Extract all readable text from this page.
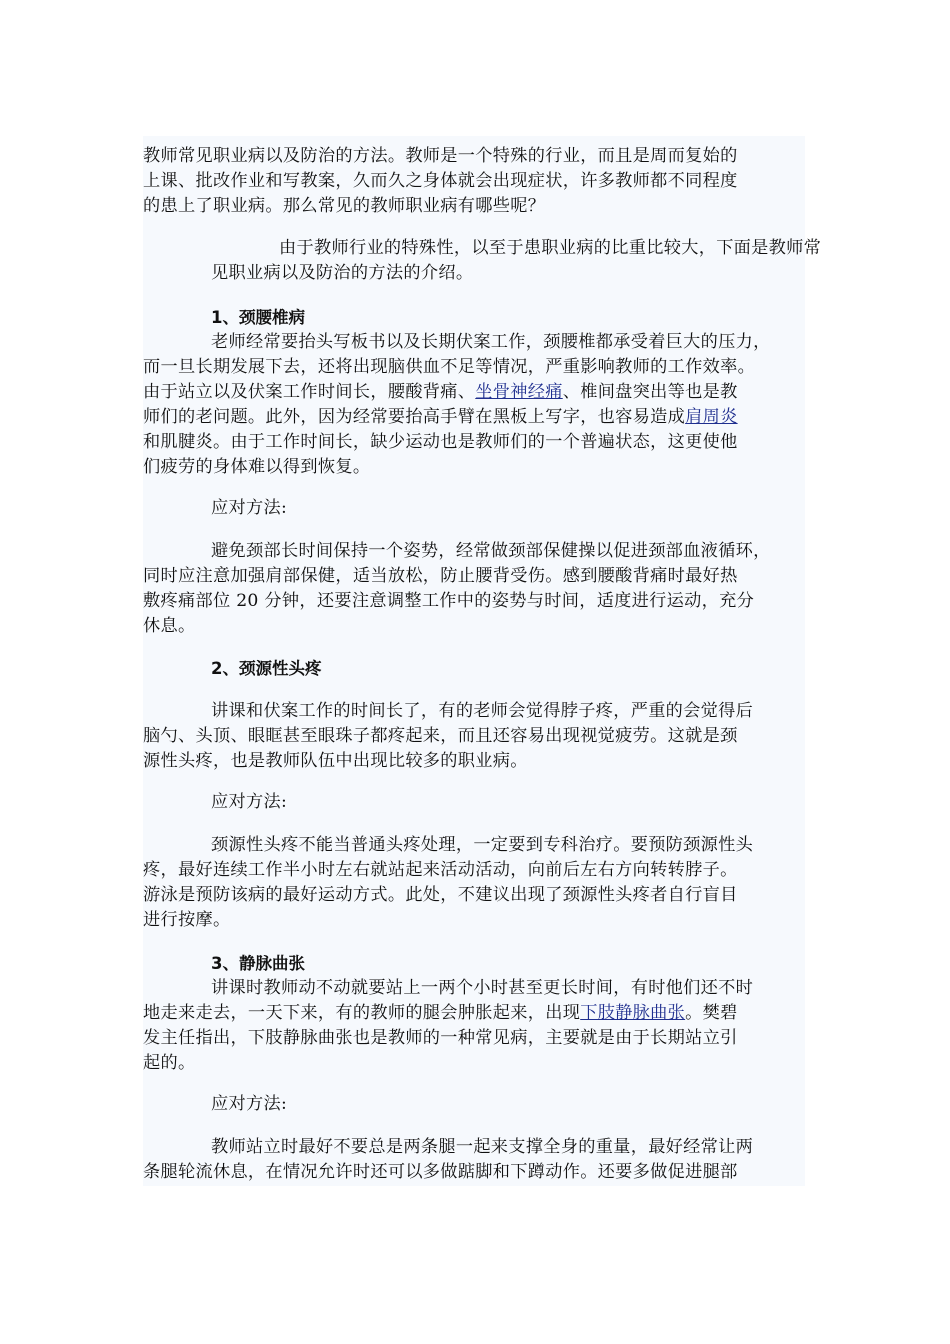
教师常见职业病以及防治的方法。教师是一个特殊的行业，而且是周而复始的
上课、批改作业和写教案，久而久之身体就会出现症状，许多教师都不同程度
的患上了职业病。那么常见的教师职业病有哪些呢？
由于教师行业的特殊性，以至于患职业病的比重比较大，下面是教师常
见职业病以及防治的方法的介绍。
1、颈腰椎病
老师经常要抬头写板书以及长期伏案工作，颈腰椎都承受着巨大的压力，
而一旦长期发展下去，还将出现脑供血不足等情况，严重影响教师的工作效率。
由于站立以及伏案工作时间长，腰酸背痛、坐骨神经痛、椎间盘突出等也是教
师们的老问题。此外，因为经常要抬高手臂在黑板上写字，也容易造成肩周炎
和肌腱炎。由于工作时间长，缺少运动也是教师们的一个普遍状态，这更使他
们疲劳的身体难以得到恢复。
应对方法:
避免颈部长时间保持一个姿势，经常做颈部保健操以促进颈部血液循环，
同时应注意加强肩部保健，适当放松，防止腰背受伤。感到腰酸背痛时最好热
敷疼痛部位 20 分钟，还要注意调整工作中的姿势与时间，适度进行运动，充分
休息。
2、颈源性头疼
讲课和伏案工作的时间长了，有的老师会觉得脖子疼，严重的会觉得后
脑勺、头顶、眼眶甚至眼珠子都疼起来，而且还容易出现视觉疲劳。这就是颈
源性头疼，也是教师队伍中出现比较多的职业病。
应对方法:
颈源性头疼不能当普通头疼处理，一定要到专科治疗。要预防颈源性头
疼，最好连续工作半小时左右就站起来活动活动，向前后左右方向转转脖子。
游泳是预防该病的最好运动方式。此处，不建议出现了颈源性头疼者自行盲目
进行按摩。
3、静脉曲张
讲课时教师动不动就要站上一两个小时甚至更长时间，有时他们还不时
地走来走去，一天下来，有的教师的腿会肿胀起来，出现下肢静脉曲张。樊碧
发主任指出，下肢静脉曲张也是教师的一种常见病，主要就是由于长期站立引
起的。
应对方法:
教师站立时最好不要总是两条腿一起来支撑全身的重量，最好经常让两
条腿轮流休息，在情况允许时还可以多做踮脚和下蹲动作。还要多做促进腿部
